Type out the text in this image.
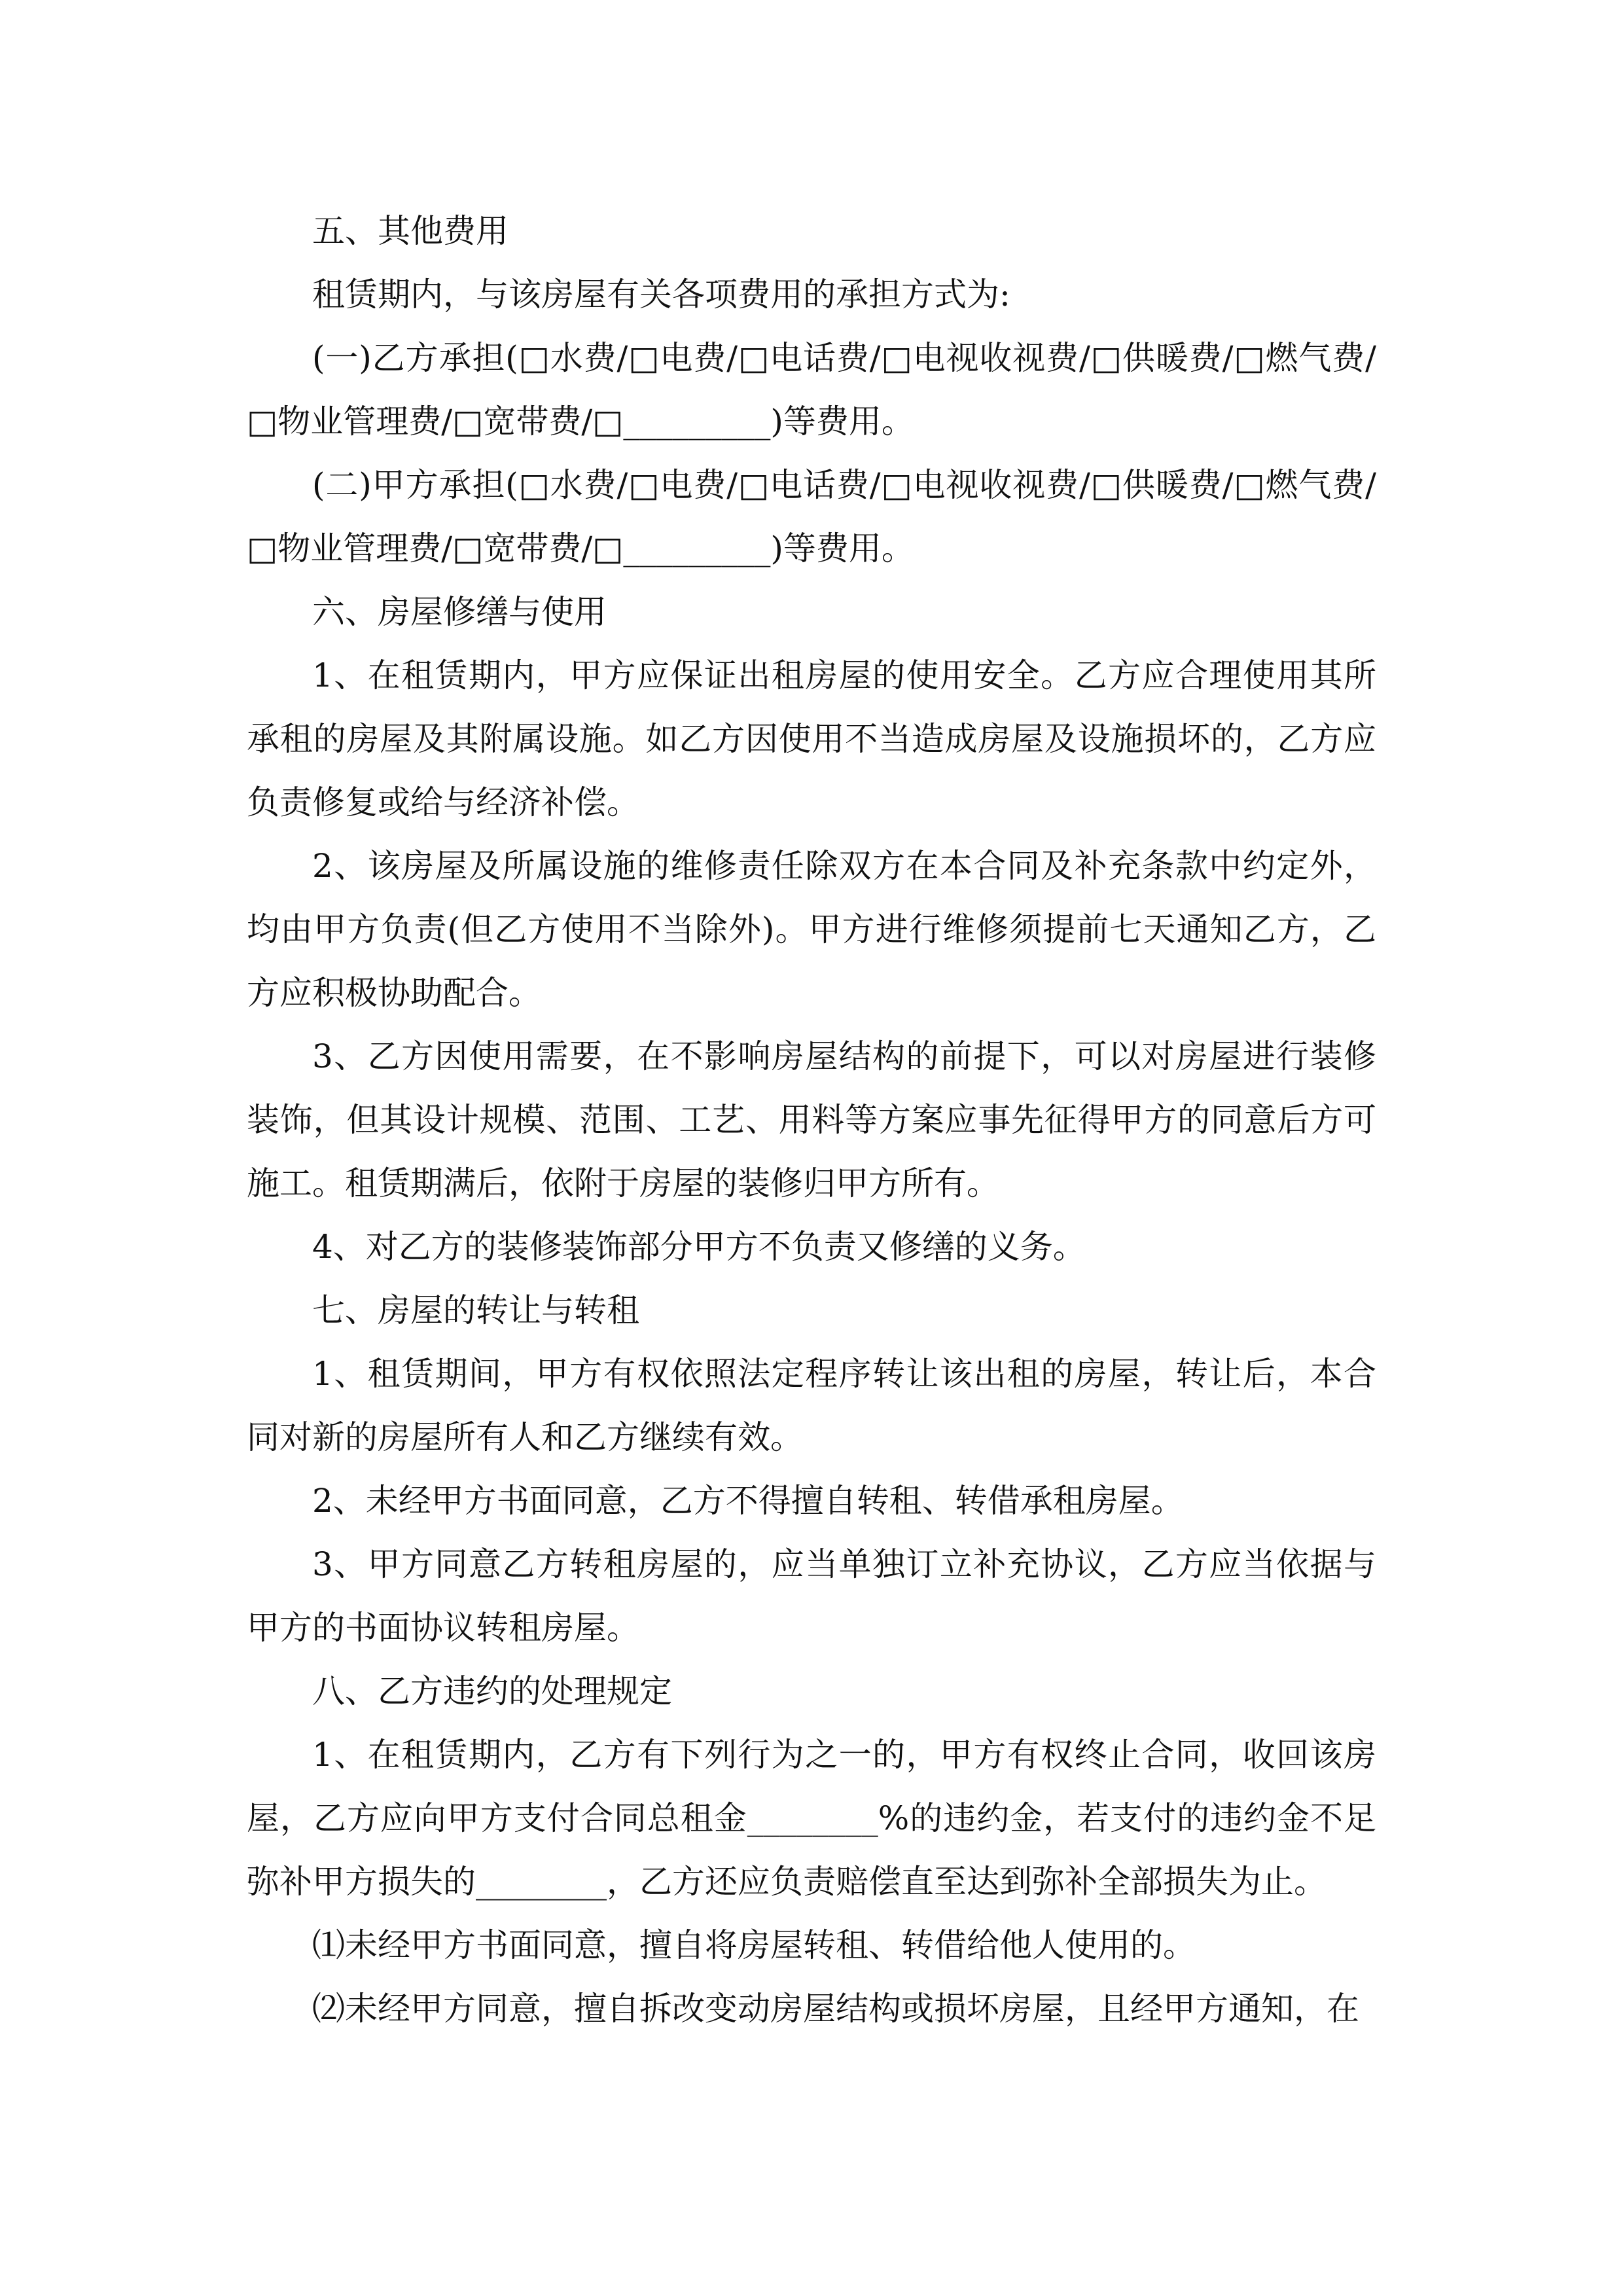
五、其他费用

租赁期内，与该房屋有关各项费用的承担方式为:

(一)乙方承担(□水费/□电费/□电话费/□电视收视费/□供暖费/□燃气费/□物业管理费/□宽带费/□_________)等费用。

(二)甲方承担(□水费/□电费/□电话费/□电视收视费/□供暖费/□燃气费/□物业管理费/□宽带费/□_________)等费用。

六、房屋修缮与使用

1、在租赁期内，甲方应保证出租房屋的使用安全。乙方应合理使用其所承租的房屋及其附属设施。如乙方因使用不当造成房屋及设施损坏的，乙方应负责修复或给与经济补偿。

2、该房屋及所属设施的维修责任除双方在本合同及补充条款中约定外，均由甲方负责(但乙方使用不当除外)。甲方进行维修须提前七天通知乙方，乙方应积极协助配合。

3、乙方因使用需要，在不影响房屋结构的前提下，可以对房屋进行装修装饰，但其设计规模、范围、工艺、用料等方案应事先征得甲方的同意后方可施工。租赁期满后，依附于房屋的装修归甲方所有。

4、对乙方的装修装饰部分甲方不负责又修缮的义务。

七、房屋的转让与转租

1、租赁期间，甲方有权依照法定程序转让该出租的房屋，转让后，本合同对新的房屋所有人和乙方继续有效。

2、未经甲方书面同意，乙方不得擅自转租、转借承租房屋。

3、甲方同意乙方转租房屋的，应当单独订立补充协议，乙方应当依据与甲方的书面协议转租房屋。

八、乙方违约的处理规定

1、在租赁期内，乙方有下列行为之一的，甲方有权终止合同，收回该房屋，乙方应向甲方支付合同总租金________%的违约金，若支付的违约金不足弥补甲方损失的________，乙方还应负责赔偿直至达到弥补全部损失为止。

⑴未经甲方书面同意，擅自将房屋转租、转借给他人使用的。

⑵未经甲方同意，擅自拆改变动房屋结构或损坏房屋，且经甲方通知，在
